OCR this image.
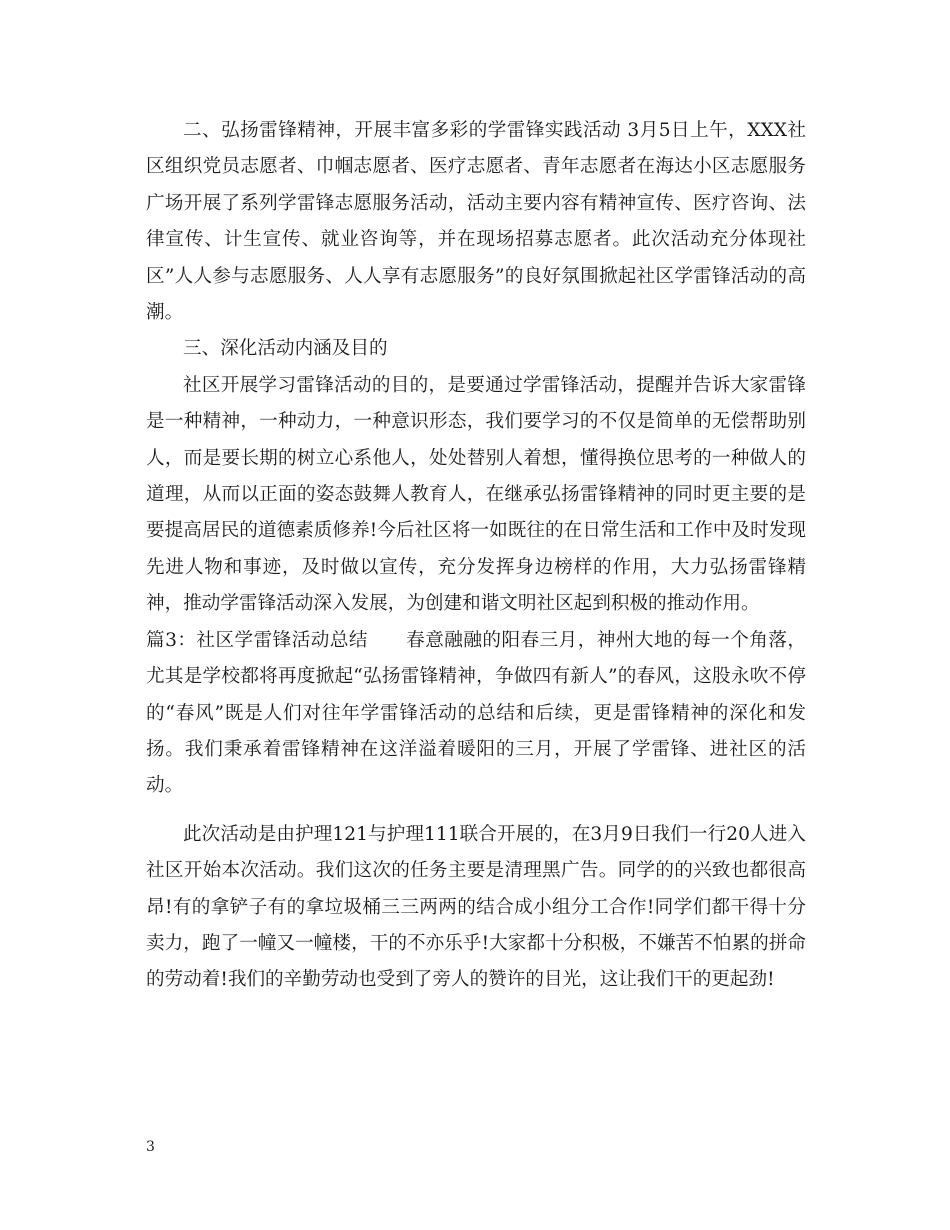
二、弘扬雷锋精神，开展丰富多彩的学雷锋实践活动 3月5日上午，XXX社区组织党员志愿者、巾帼志愿者、医疗志愿者、青年志愿者在海达小区志愿服务广场开展了系列学雷锋志愿服务活动，活动主要内容有精神宣传、医疗咨询、法律宣传、计生宣传、就业咨询等，并在现场招募志愿者。此次活动充分体现社区”人人参与志愿服务、人人享有志愿服务”的良好氛围掀起社区学雷锋活动的高潮。

三、深化活动内涵及目的

社区开展学习雷锋活动的目的，是要通过学雷锋活动，提醒并告诉大家雷锋是一种精神，一种动力，一种意识形态，我们要学习的不仅是简单的无偿帮助别人，而是要长期的树立心系他人，处处替别人着想，懂得换位思考的一种做人的道理，从而以正面的姿态鼓舞人教育人，在继承弘扬雷锋精神的同时更主要的是要提高居民的道德素质修养!今后社区将一如既往的在日常生活和工作中及时发现先进人物和事迹，及时做以宣传，充分发挥身边榜样的作用，大力弘扬雷锋精神，推动学雷锋活动深入发展，为创建和谐文明社区起到积极的推动作用。

篇3：社区学雷锋活动总结　　春意融融的阳春三月，神州大地的每一个角落，尤其是学校都将再度掀起“弘扬雷锋精神，争做四有新人”的春风，这股永吹不停的“春风”既是人们对往年学雷锋活动的总结和后续，更是雷锋精神的深化和发扬。我们秉承着雷锋精神在这洋溢着暖阳的三月，开展了学雷锋、进社区的活动。

此次活动是由护理121与护理111联合开展的，在3月9日我们一行20人进入社区开始本次活动。我们这次的任务主要是清理黑广告。同学的的兴致也都很高昂!有的拿铲子有的拿垃圾桶三三两两的结合成小组分工合作!同学们都干得十分卖力，跑了一幢又一幢楼，干的不亦乐乎!大家都十分积极，不嫌苦不怕累的拼命的劳动着!我们的辛勤劳动也受到了旁人的赞许的目光，这让我们干的更起劲!

3
